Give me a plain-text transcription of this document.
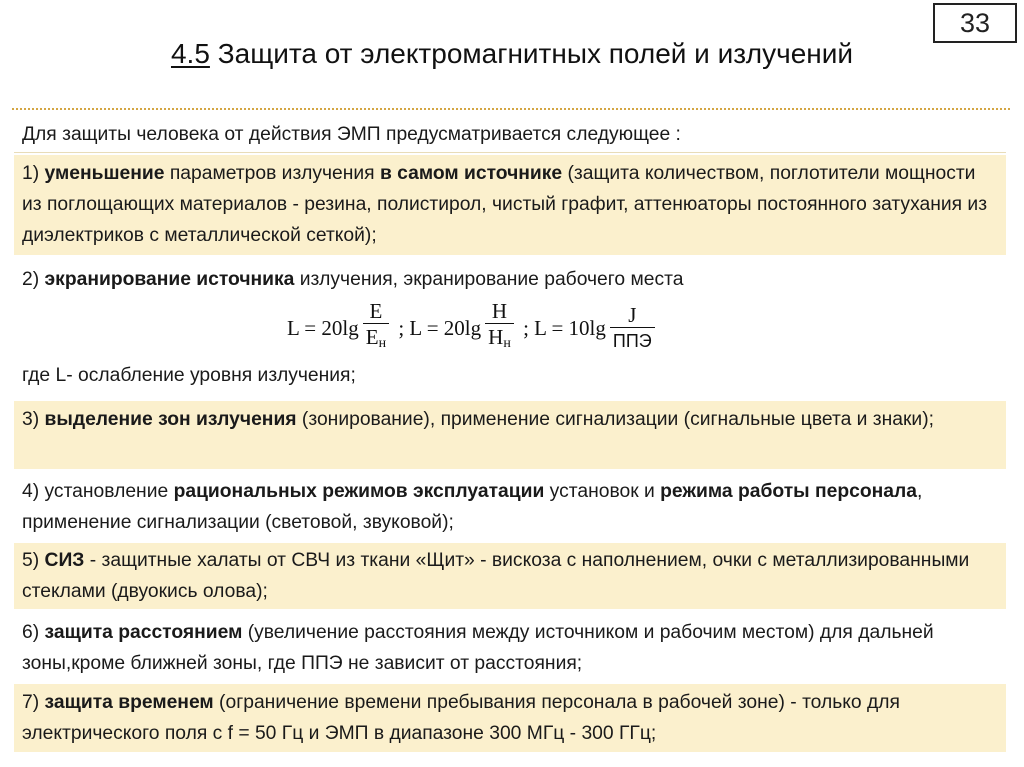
33
4.5 Защита от электромагнитных полей и излучений
Для защиты человека от действия ЭМП предусматривается следующее :
1) уменьшение параметров излучения в самом источнике (защита количеством, поглотители мощности из поглощающих материалов - резина, полистирол, чистый графит, аттенюаторы постоянного затухания из диэлектриков с металлической сеткой);
2) экранирование источника излучения, экранирование рабочего места
$L = 20\lg \frac{E}{E_н}$ ; $L = 20\lg \frac{H}{H_н}$ ; $L = 10\lg \frac{J}{\text{ППЭ}}$
где L- ослабление уровня излучения;
3) выделение зон излучения (зонирование), применение сигнализации (сигнальные цвета и знаки);
4) установление рациональных режимов эксплуатации установок и режима работы персонала, применение сигнализации (световой, звуковой);
5) СИЗ - защитные халаты от СВЧ из ткани «Щит» - вискоза с наполнением, очки с металлизированными стеклами (двуокись олова);
6) защита расстоянием (увеличение расстояния между источником и рабочим местом) для дальней зоны,кроме ближней зоны, где ППЭ не зависит от расстояния;
7) защита временем (ограничение времени пребывания персонала в рабочей зоне) - только для электрического поля с f = 50 Гц и ЭМП в диапазоне 300 МГц - 300 ГГц;
